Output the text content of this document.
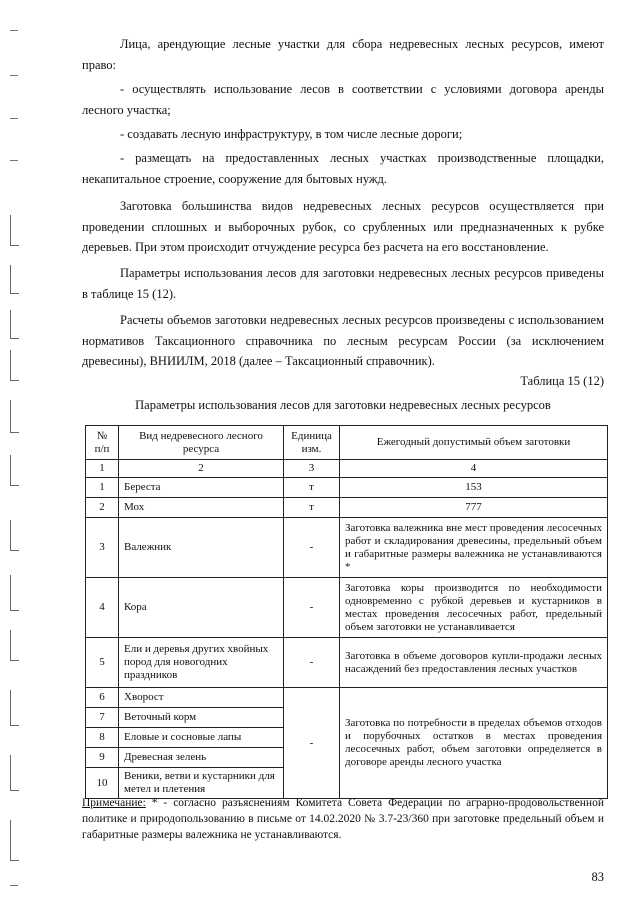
Лица, арендующие лесные участки для сбора недревесных лесных ресурсов, имеют право:

- осуществлять использование лесов в соответствии с условиями договора аренды лесного участка;

- создавать лесную инфраструктуру, в том числе лесные дороги;

- размещать на предоставленных лесных участках производственные площадки, некапитальное строение, сооружение для бытовых нужд.

Заготовка большинства видов недревесных лесных ресурсов осуществляется при проведении сплошных и выборочных рубок, со срубленных или предназначенных к рубке деревьев. При этом происходит отчуждение ресурса без расчета на его восстановление.

Параметры использования лесов для заготовки недревесных лесных ресурсов приведены в таблице 15 (12).

Расчеты объемов заготовки недревесных лесных ресурсов произведены с использованием нормативов Таксационного справочника по лесным ресурсам России (за исключением древесины), ВНИИЛМ, 2018 (далее – Таксационный справочник).

Таблица 15 (12)
Параметры использования лесов для заготовки недревесных лесных ресурсов
№ п/п	Вид недревесного лесного ресурса	Единица изм.	Ежегодный допустимый объем заготовки
1	2	3	4
1	Береста	т	153
2	Мох	т	777
3	Валежник	-	Заготовка валежника вне мест проведения лесосечных работ и складирования древесины, предельный объем и габаритные размеры валежника не устанавливаются *
4	Кора	-	Заготовка коры производится по необходимости одновременно с рубкой деревьев и кустарников в местах проведения лесосечных работ, предельный объем заготовки не устанавливается
5	Ели и деревья других хвойных пород для новогодних праздников	-	Заготовка в объеме договоров купли-продажи лесных насаждений без предоставления лесных участков
6	Хворост	-	Заготовка по потребности в пределах объемов отходов и порубочных остатков в местах проведения лесосечных работ, объем заготовки определяется в договоре аренды лесного участка
7	Веточный корм		
8	Еловые и сосновые лапы		
9	Древесная зелень		
10	Веники, ветви и кустарники для метел и плетения		
Примечание: * - согласно разъяснениям Комитета Совета Федерации по аграрно-продовольственной политике и природопользованию в письме от 14.02.2020 № 3.7-23/360 при заготовке предельный объем и габаритные размеры валежника не устанавливаются.
83
